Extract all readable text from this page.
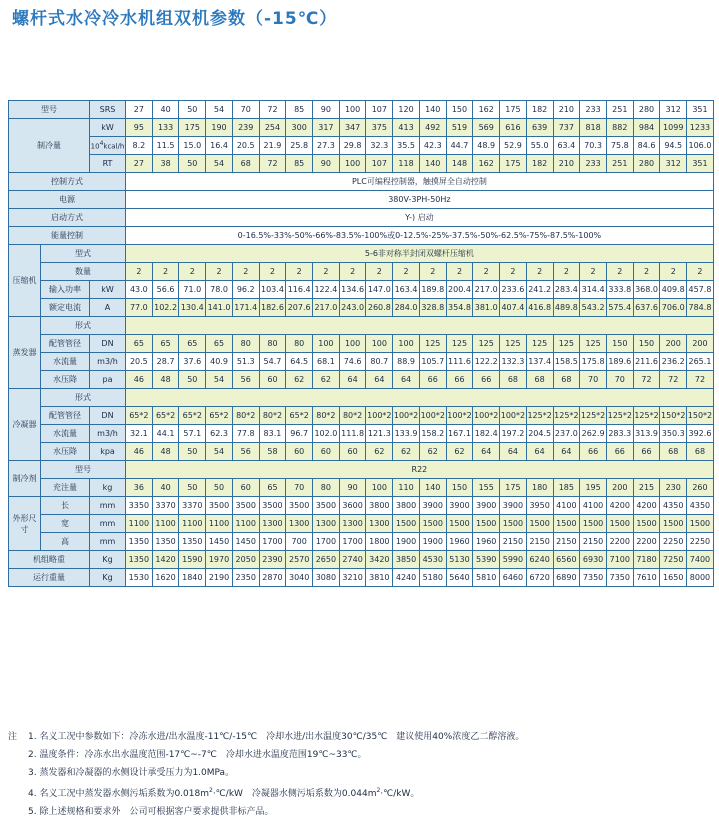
螺杆式水冷冷水机组双机参数（-15℃）
型号		SRS	27	40	50	54	70	72	85	90	100	107	120	140	150	162	175	182	210	233	251	280	312	351
制冷量		kW	95	133	175	190	239	254	300	317	347	375	413	492	519	569	616	639	737	818	882	984	1099	1233
		$10^4kcal/h$	8.2	11.5	15.0	16.4	20.5	21.9	25.8	27.3	29.8	32.3	35.5	42.3	44.7	48.9	52.9	55.0	63.4	70.3	75.8	84.6	94.5	106.0
		RT	27	38	50	54	68	72	85	90	100	107	118	140	148	162	175	182	210	233	251	280	312	351
控制方式			PLC可编程控制器，触摸屏全自动控制																					
电源			380V-3PH-50Hz																					
启动方式			Y-) 启动																					
能量控制			0-16.5%-33%-50%-66%-83.5%-100%或0-12.5%-25%-37.5%-50%-62.5%-75%-87.5%-100%																					
压缩机	型式		5-6非对称半封闭双螺杆压缩机																					
	数量		2	2	2	2	2	2	2	2	2	2	2	2	2	2	2	2	2	2	2	2	2	2
	输入功率	kW	43.0	56.6	71.0	78.0	96.2	103.4	116.4	122.4	134.6	147.0	163.4	189.8	200.4	217.0	233.6	241.2	283.4	314.4	333.8	368.0	409.8	457.8
	额定电流	A	77.0	102.2	130.4	141.0	171.4	182.6	207.6	217.0	243.0	260.8	284.0	328.8	354.8	381.0	407.4	416.8	489.8	543.2	575.4	637.6	706.0	784.8
蒸发器	形式																							
	配管管径	DN	65	65	65	65	80	80	80	100	100	100	100	125	125	125	125	125	125	125	150	150	200	200
	水流量	m3/h	20.5	28.7	37.6	40.9	51.3	54.7	64.5	68.1	74.6	80.7	88.9	105.7	111.6	122.2	132.3	137.4	158.5	175.8	189.6	211.6	236.2	265.1
	水压降	pa	46	48	50	54	56	60	62	62	64	64	64	66	66	66	68	68	68	70	70	72	72	72
冷凝器	形式																							
	配管管径	DN	65*2	65*2	65*2	65*2	80*2	80*2	65*2	80*2	80*2	100*2	100*2	100*2	100*2	100*2	100*2	125*2	125*2	125*2	125*2	125*2	150*2	150*2
	水流量	m3/h	32.1	44.1	57.1	62.3	77.8	83.1	96.7	102.0	111.8	121.3	133.9	158.2	167.1	182.4	197.2	204.5	237.0	262.9	283.3	313.9	350.3	392.6
	水压降	kpa	46	48	50	54	56	58	60	60	60	62	62	62	62	64	64	64	64	66	66	66	68	68
制冷剂	型号		R22																					
	充注量	kg	36	40	50	50	60	65	70	80	90	100	110	140	150	155	175	180	185	195	200	215	230	260
外形尺寸	长	mm	3350	3370	3370	3500	3500	3500	3500	3500	3600	3800	3800	3900	3900	3900	3900	3950	4100	4100	4200	4200	4350	4350
	宽	mm	1100	1100	1100	1100	1100	1300	1300	1300	1300	1300	1500	1500	1500	1500	1500	1500	1500	1500	1500	1500	1500	1500
	高	mm	1350	1350	1350	1450	1450	1700	700	1700	1700	1800	1900	1900	1960	1960	2150	2150	2150	2150	2200	2200	2250	2250
机组略重		Kg	1350	1420	1590	1970	2050	2390	2570	2650	2740	3420	3850	4530	5130	5390	5990	6240	6560	6930	7100	7180	7250	7400
运行重量		Kg	1530	1620	1840	2190	2350	2870	3040	3080	3210	3810	4240	5180	5640	5810	6460	6720	6890	7350	7350	7610	1650	8000
注	1. 名义工况中参数如下：冷冻水进/出水温度-11℃/-15℃　冷却水进/出水温度30℃/35℃　建议使用40%浓度乙二醇溶液。
2. 温度条件：冷冻水出水温度范围-17℃~-7℃　冷却水进水温度范围19℃~33℃。
3. 蒸发器和冷凝器的水侧设计承受压力为1.0MPa。
4. 名义工况中蒸发器水侧污垢系数为$0.018m^2\cdot℃/kW$　冷凝器水侧污垢系数为$0.044m^2\cdot℃/kW$。
5. 除上述规格和要求外　公司可根据客户要求提供非标产品。
